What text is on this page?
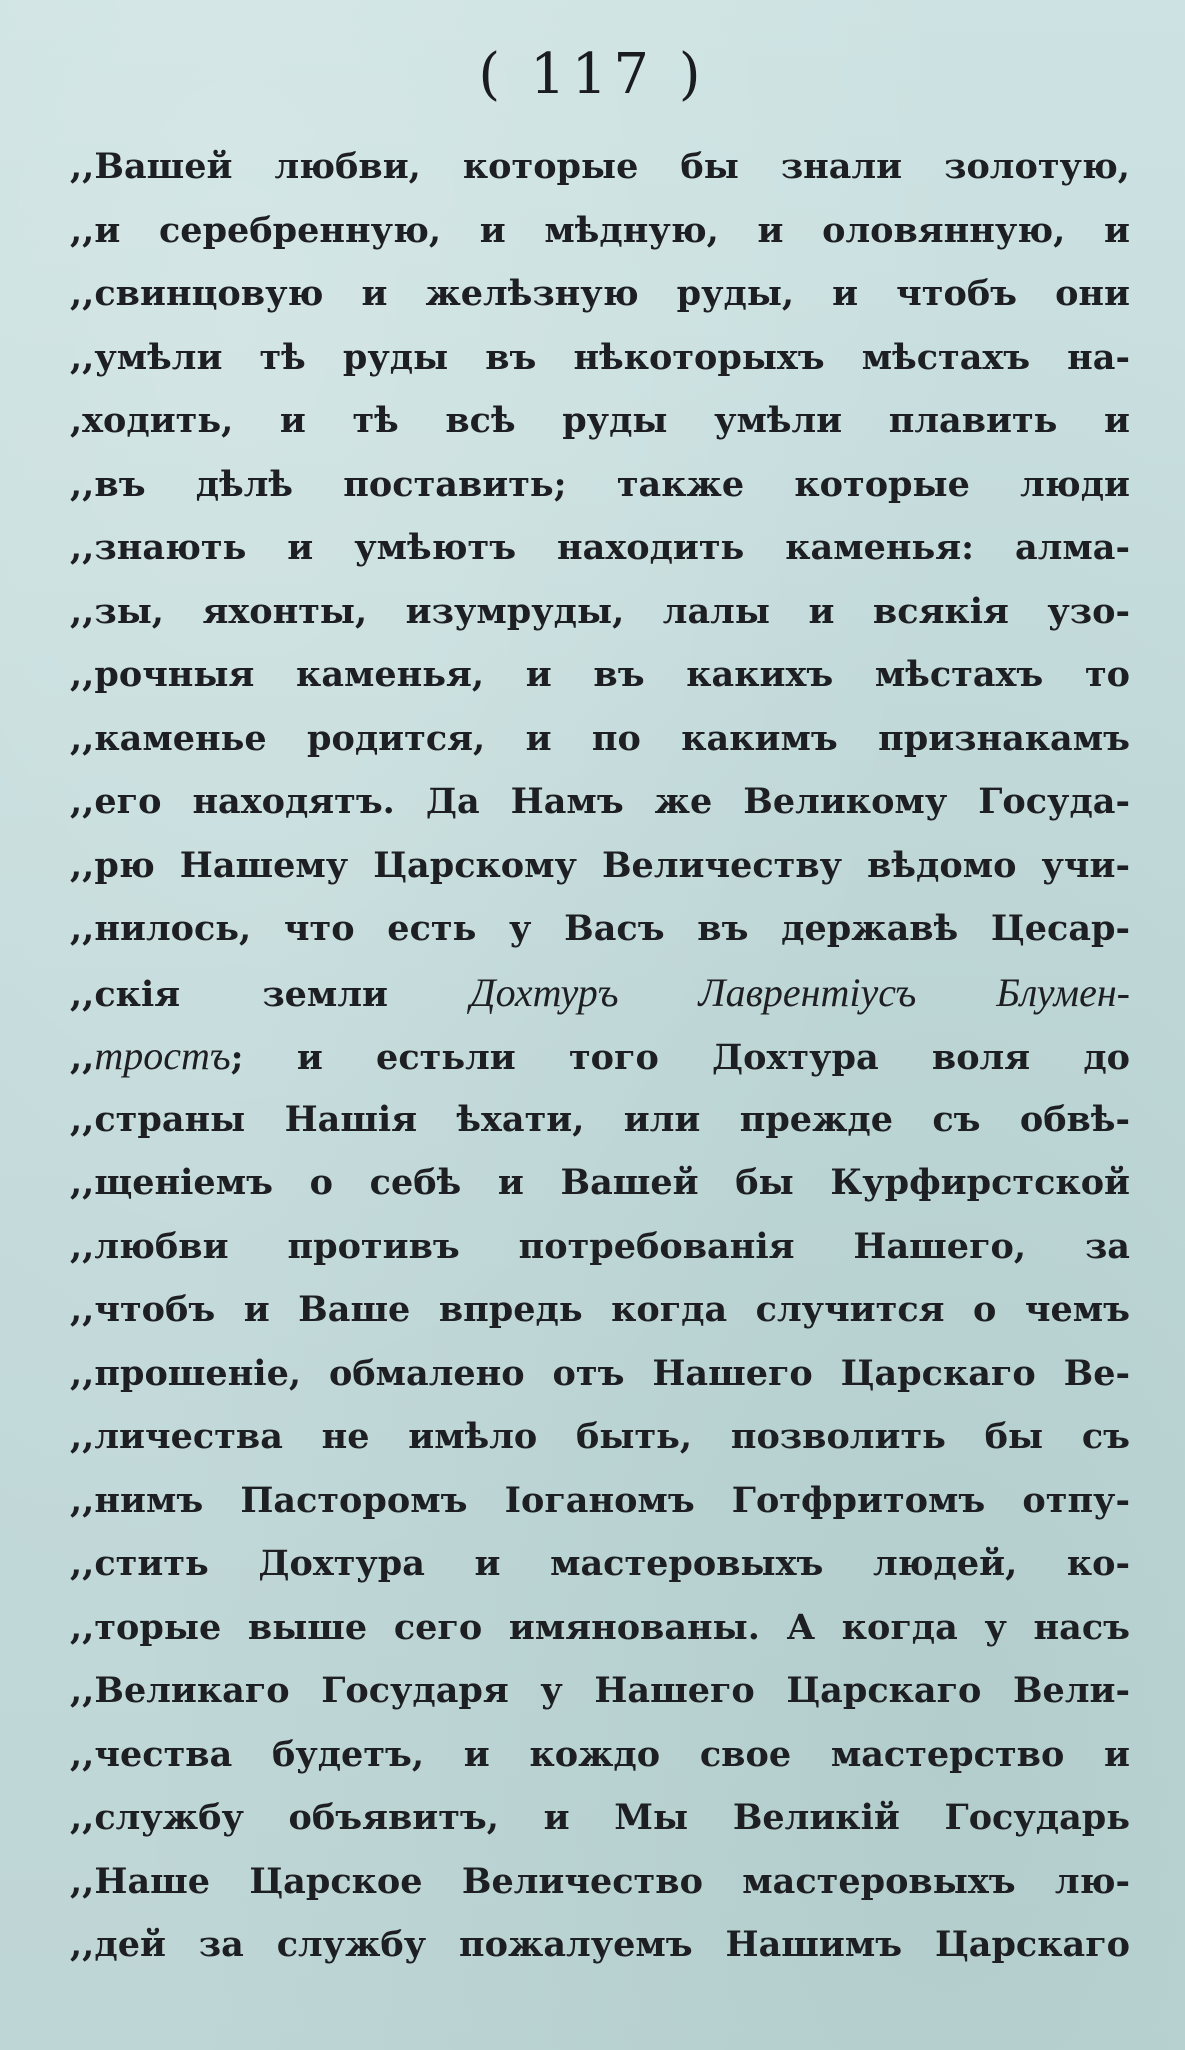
( 117 )
,,Вашей любви, которые бы знали золотую,
,,и серебренную, и мѣдную, и оловянную, и
,,свинцовую и желѣзную руды, и чтобъ они
,,умѣли тѣ руды въ нѣкоторыхъ мѣстахъ на-
,ходить, и тѣ всѣ руды умѣли плавить и
,,въ дѣлѣ поставить; также которые люди
,,знають и умѣютъ находить каменья: алма-
,,зы, яхонты, изумруды, лалы и всякія узо-
,,рочныя каменья, и въ какихъ мѣстахъ то
,,каменье родится, и по какимъ признакамъ
,,его находятъ. Да Намъ же Великому Госуда-
,,рю Нашему Царскому Величеству вѣдомо учи-
,,нилось, что есть у Васъ въ державѣ Цесар-
,,скія земли Дохтуръ Лаврентіусъ Блумен-
,,тростъ; и естьли того Дохтура воля до
,,страны Нашія ѣхати, или прежде съ обвѣ-
,,щеніемъ о себѣ и Вашей бы Курфирстской
,,любви противъ потребованія Нашего, за
,,чтобъ и Ваше впредь когда случится о чемъ
,,прошеніе, обмалено отъ Нашего Царскаго Ве-
,,личества не имѣло быть, позволить бы съ
,,нимъ Пасторомъ Іоганомъ Готфритомъ отпу-
,,стить Дохтура и мастеровыхъ людей, ко-
,,торые выше сего имянованы. А когда у насъ
,,Великаго Государя у Нашего Царскаго Вели-
,,чества будетъ, и кождо свое мастерство и
,,службу объявитъ, и Мы Великій Государь
,,Наше Царское Величество мастеровыхъ лю-
,,дей за службу пожалуемъ Нашимъ Царскаго
